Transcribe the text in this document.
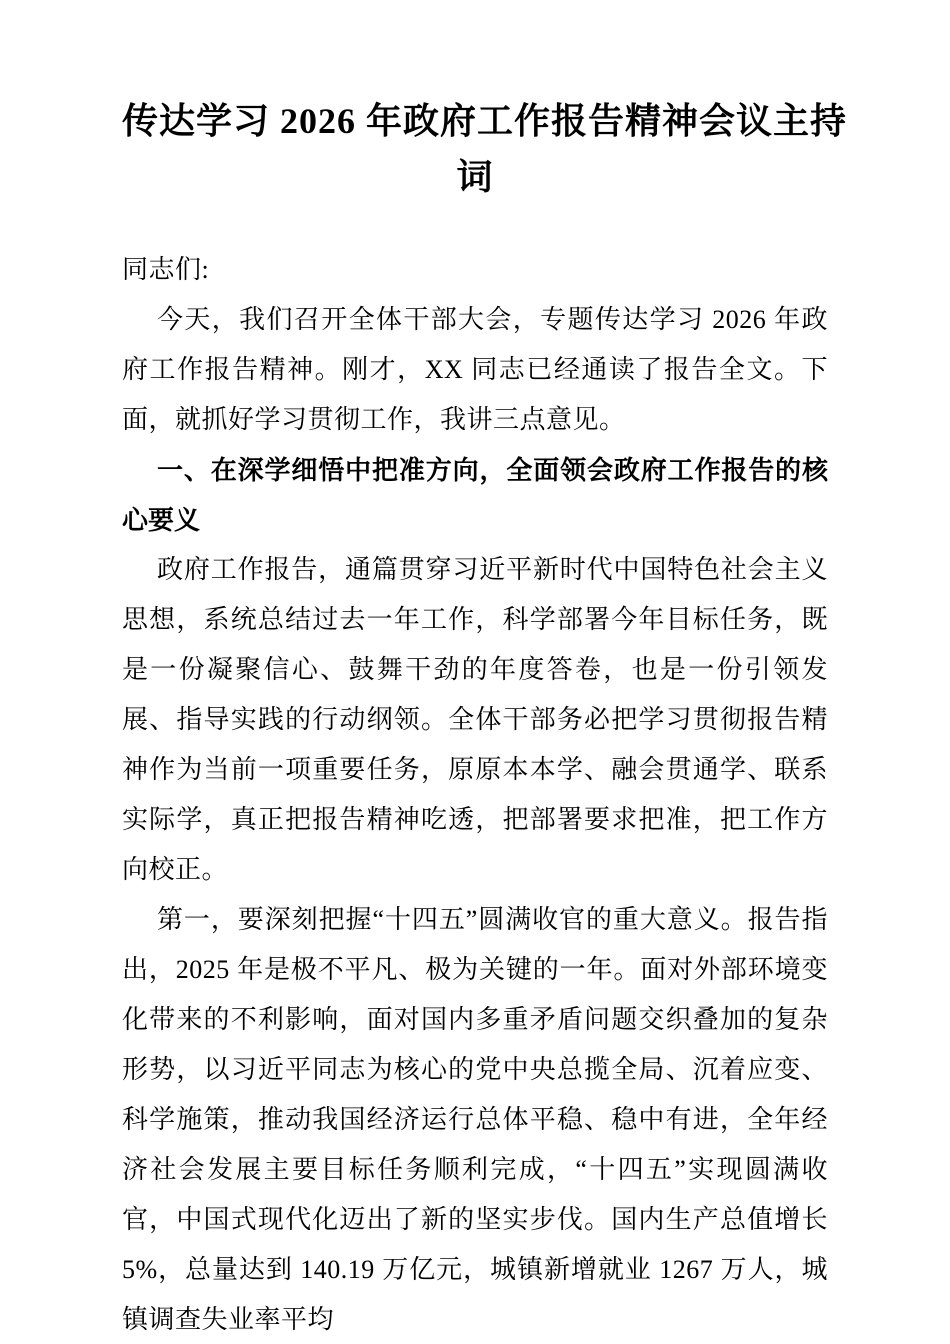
传达学习 2026 年政府工作报告精神会议主持
词

同志们:

今天，我们召开全体干部大会，专题传达学习 2026 年政府工作报告精神。刚才，XX 同志已经通读了报告全文。下面，就抓好学习贯彻工作，我讲三点意见。

一、在深学细悟中把准方向，全面领会政府工作报告的核心要义

政府工作报告，通篇贯穿习近平新时代中国特色社会主义思想，系统总结过去一年工作，科学部署今年目标任务，既是一份凝聚信心、鼓舞干劲的年度答卷，也是一份引领发展、指导实践的行动纲领。全体干部务必把学习贯彻报告精神作为当前一项重要任务，原原本本学、融会贯通学、联系实际学，真正把报告精神吃透，把部署要求把准，把工作方向校正。

第一，要深刻把握“十四五”圆满收官的重大意义。报告指出，2025 年是极不平凡、极为关键的一年。面对外部环境变化带来的不利影响，面对国内多重矛盾问题交织叠加的复杂形势，以习近平同志为核心的党中央总揽全局、沉着应变、科学施策，推动我国经济运行总体平稳、稳中有进，全年经济社会发展主要目标任务顺利完成，“十四五”实现圆满收官，中国式现代化迈出了新的坚实步伐。国内生产总值增长 5%，总量达到 140.19 万亿元，城镇新增就业 1267 万人，城镇调查失业率平均
